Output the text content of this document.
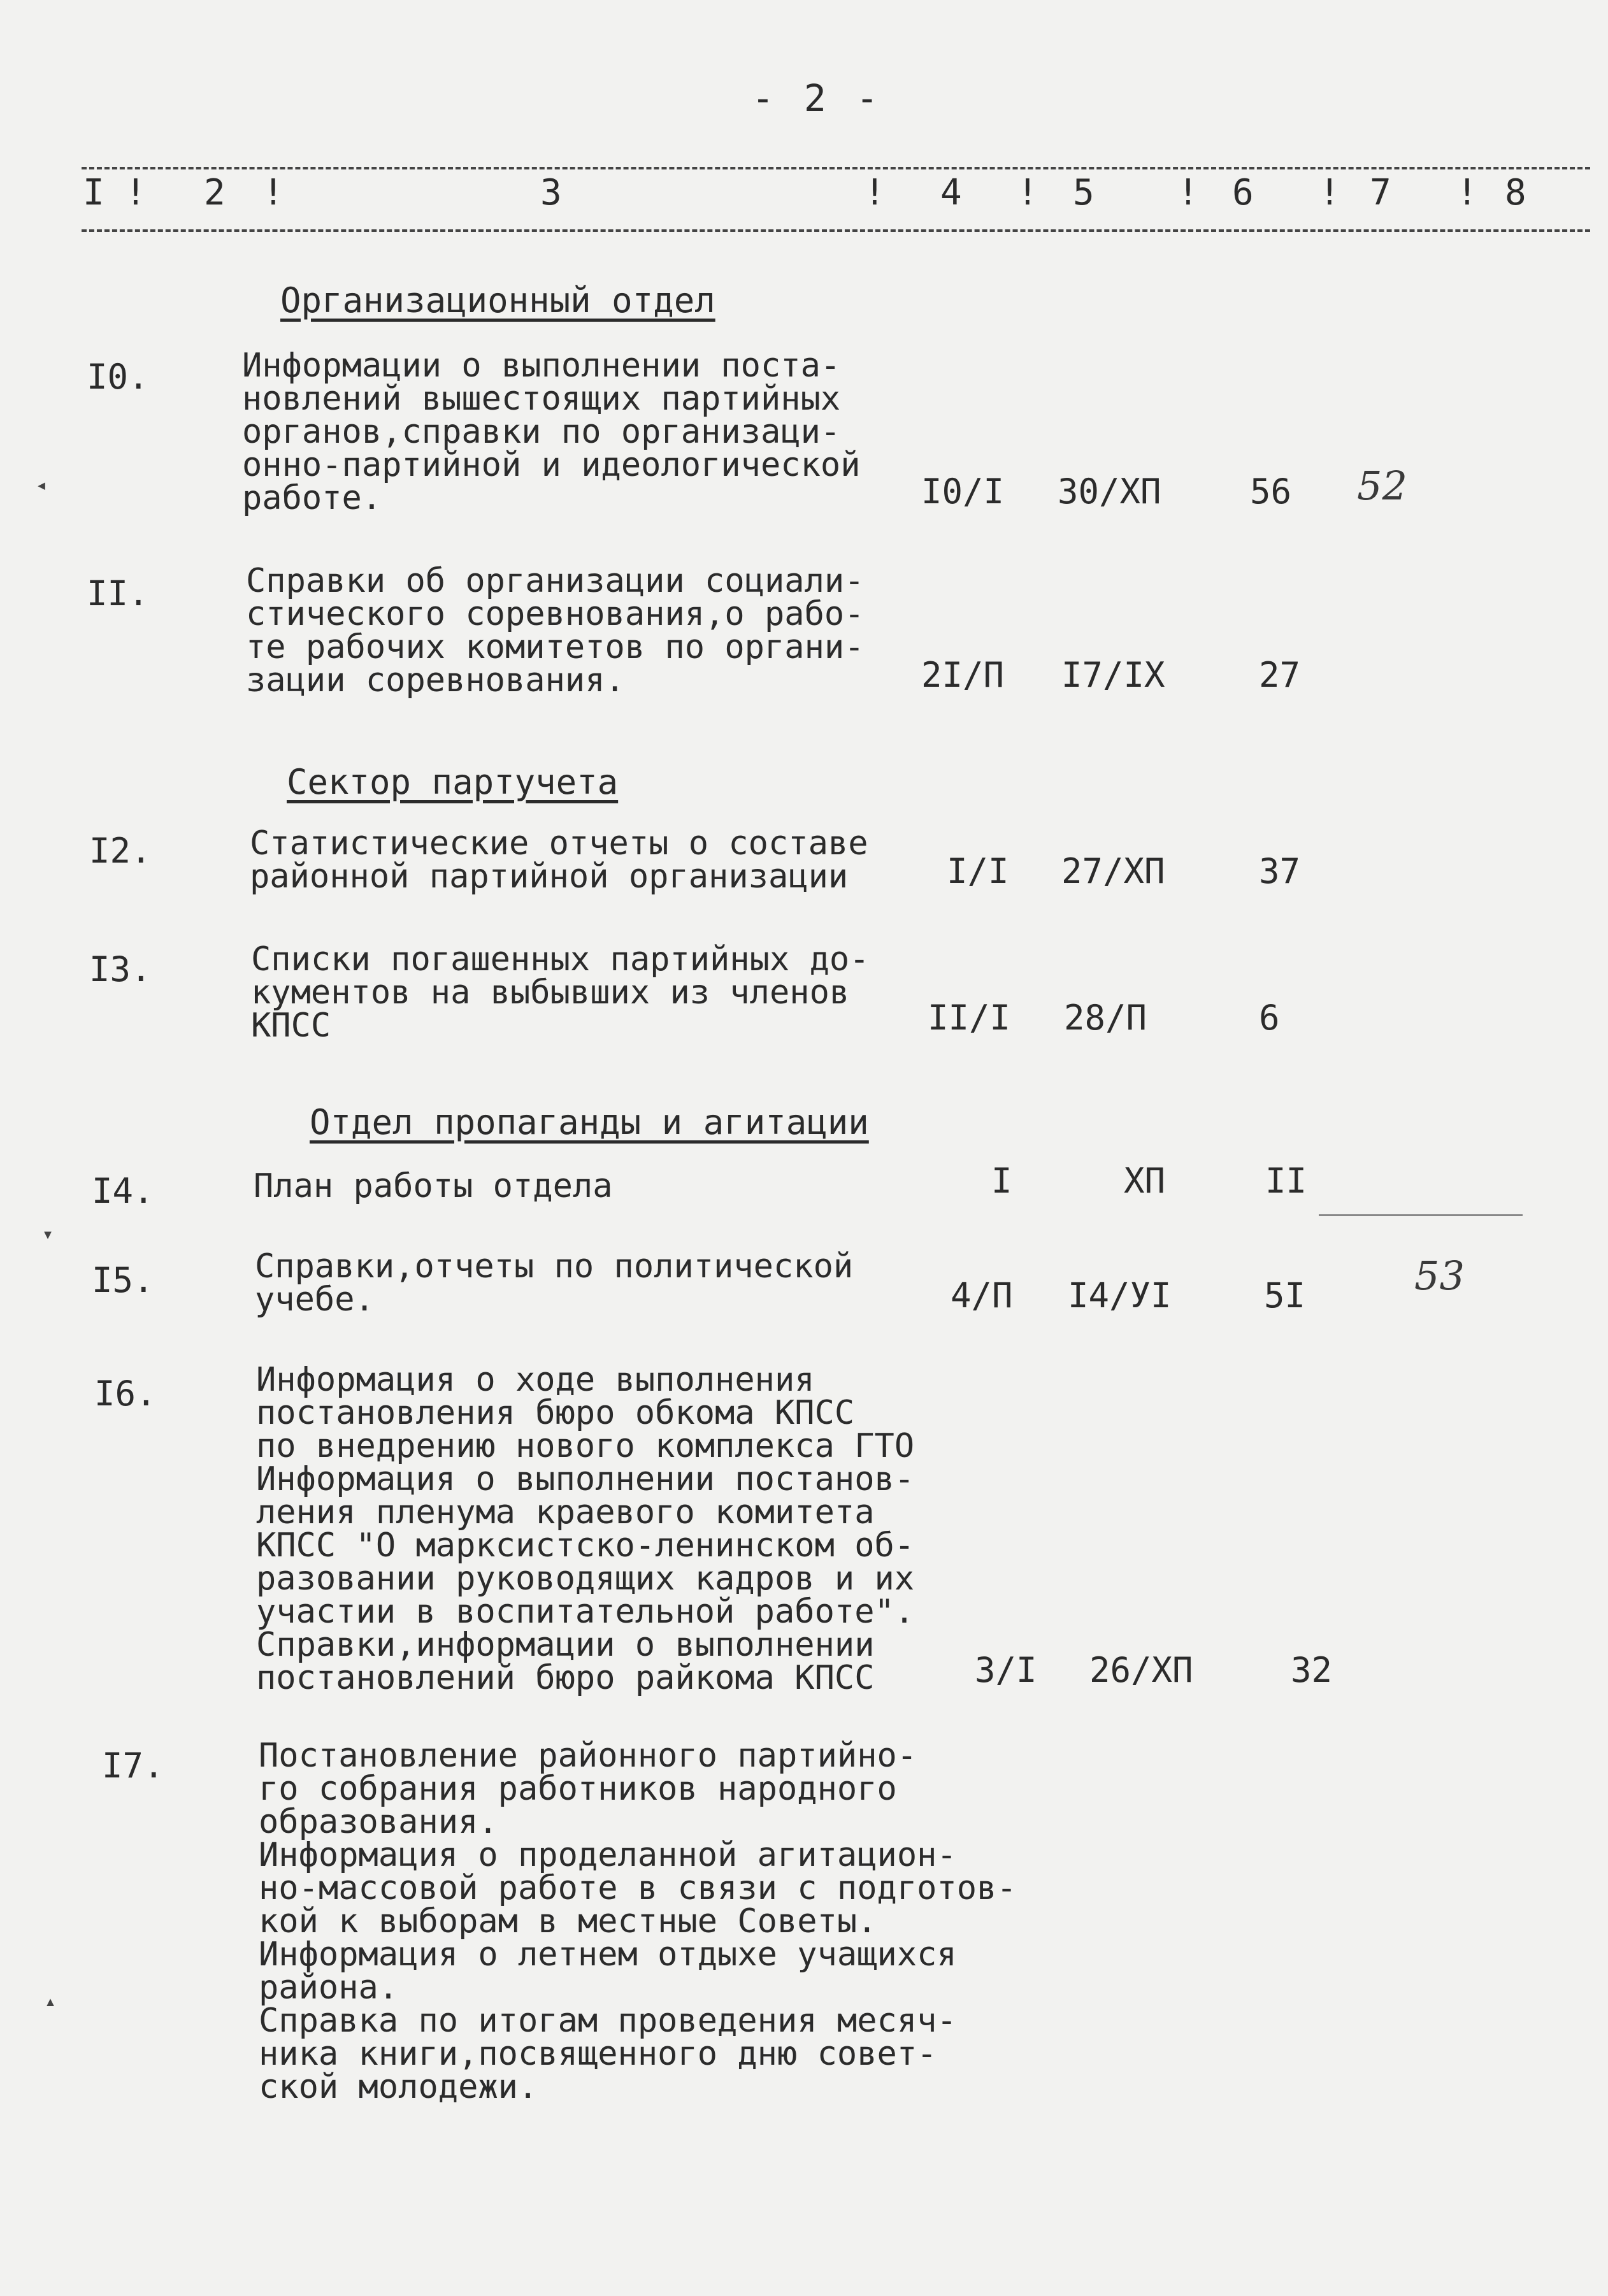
- 2 -
I ! 2 !	3	! 4 ! 5 ! 6 ! 7 ! 8
Организационный отдел
I0.	Информации о выполнении поста-
новлений вышестоящих партийных
органов,справки по организаци-
онно-партийной и идеологической
работе.	I0/I 30/ХП	56 52
II.	Справки об организации социали-
стического соревнования,о рабо-
те рабочих комитетов по органи-
зации соревнования.	2I/П I7/IX	27
Сектор партучета
I2.	Статистические отчеты о составе
районной партийной организации	I/I 27/ХП	37
I3.	Списки погашенных партийных до-
кументов на выбывших из членов
КПСС	II/I 28/П	6
Отдел пропаганды и агитации
I4.	План работы отдела	I	ХП	II
I5.	Справки,отчеты по политической
учебе.	4/П I4/УI	5I	53
I6.	Информация о ходе выполнения
постановления бюро обкома КПСС
по внедрению нового комплекса ГТО
Информация о выполнении постанов-
ления пленума краевого комитета
КПСС "О марксистско-ленинском об-
разовании руководящих кадров и их
участии в воспитательной работе".
Справки,информации о выполнении
постановлений бюро райкома КПСС	3/I 26/ХП	32
I7.	Постановление районного партийно-
го собрания работников народного
образования.
Информация о проделанной агитацион-
но-массовой работе в связи с подготов-
кой к выборам в местные Советы.
Информация о летнем отдыхе учащихся
района.
Справка по итогам проведения месяч-
ника книги,посвященного дню совет-
ской молодежи.
◂
▾
▴
